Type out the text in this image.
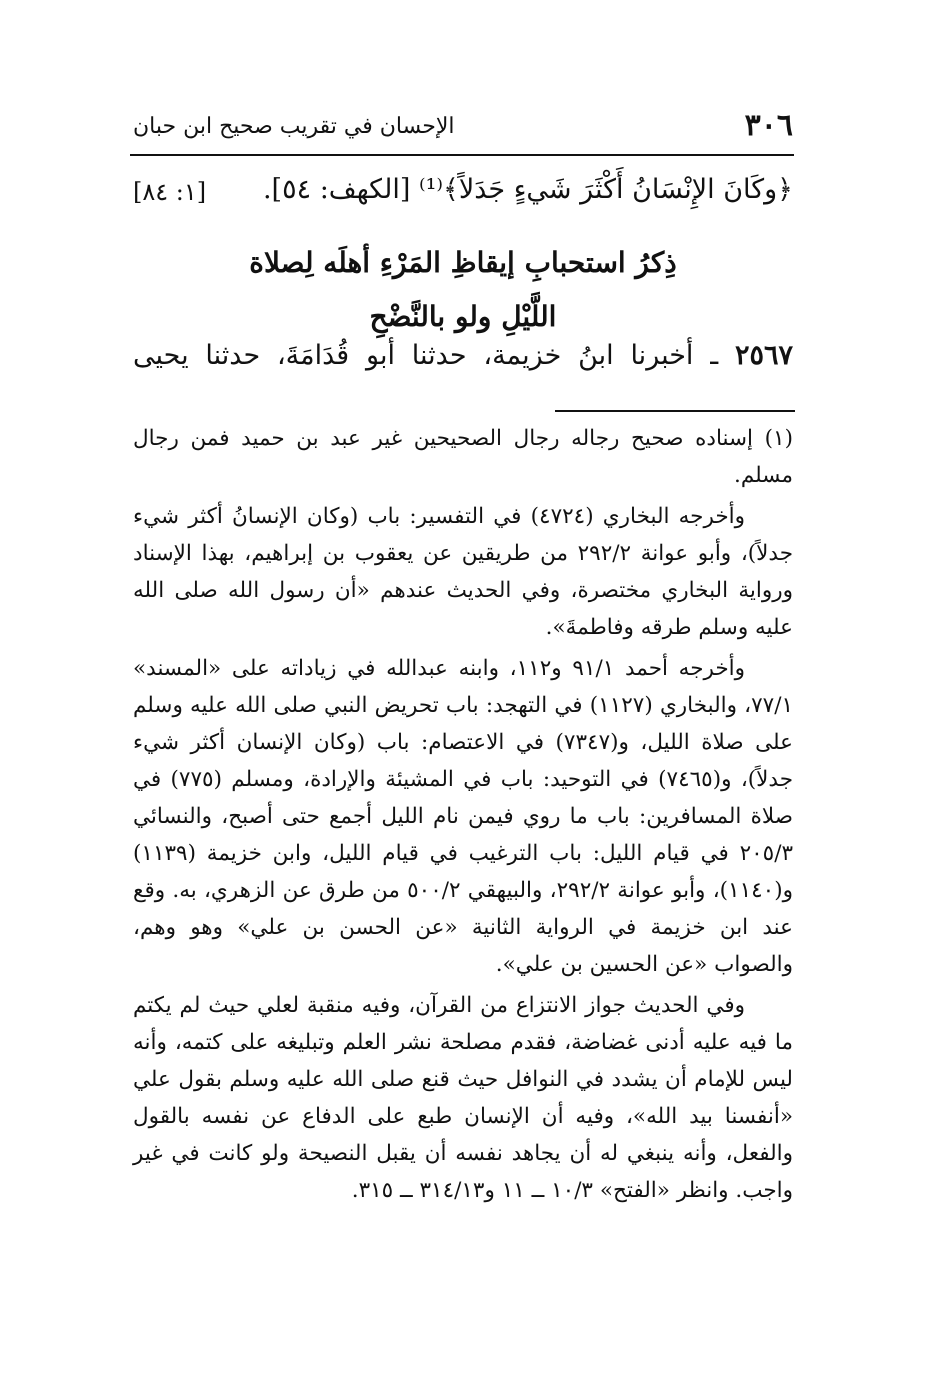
٣٠٦
الإحسان في تقريب صحيح ابن حبان
﴿وكَانَ الإِنْسَانُ أَكْثَرَ شَيءٍ جَدَلاً﴾⁽¹⁾ [الكهف: ٥٤].
[١: ٨٤]
ذِكرُ استحبابِ إيقاظِ المَرْءِ أهلَه لِصلاة
اللَّيْلِ ولو بالنَّضْحِ
٢٥٦٧ ـ أخبرنا ابنُ خزيمة، حدثنا أبو قُدَامَةَ، حدثنا يحيى

(١) إسناده صحيح رجاله رجال الصحيحين غير عبد بن حميد فمن رجال مسلم.

وأخرجه البخاري (٤٧٢٤) في التفسير: باب (وكان الإنسانُ أكثر شيء جدلاً)، وأبو عوانة ٢٩٢/٢ من طريقين عن يعقوب بن إبراهيم، بهذا الإسناد ورواية البخاري مختصرة، وفي الحديث عندهم «أن رسول الله صلى الله عليه وسلم طرقه وفاطمةَ».

وأخرجه أحمد ٩١/١ و١١٢، وابنه عبدالله في زياداته على «المسند» ٧٧/١، والبخاري (١١٢٧) في التهجد: باب تحريض النبي صلى الله عليه وسلم على صلاة الليل، و(٧٣٤٧) في الاعتصام: باب (وكان الإنسان أكثر شيء جدلاً)، و(٧٤٦٥) في التوحيد: باب في المشيئة والإرادة، ومسلم (٧٧٥) في صلاة المسافرين: باب ما روي فيمن نام الليل أجمع حتى أصبح، والنسائي ٢٠٥/٣ في قيام الليل: باب الترغيب في قيام الليل، وابن خزيمة (١١٣٩) و(١١٤٠)، وأبو عوانة ٢٩٢/٢، والبيهقي ٥٠٠/٢ من طرق عن الزهري، به. وقع عند ابن خزيمة في الرواية الثانية «عن الحسن بن علي» وهو وهم، والصواب «عن الحسين بن علي».

وفي الحديث جواز الانتزاع من القرآن، وفيه منقبة لعلي حيث لم يكتم ما فيه عليه أدنى غضاضة، فقدم مصلحة نشر العلم وتبليغه على كتمه، وأنه ليس للإمام أن يشدد في النوافل حيث قنع صلى الله عليه وسلم بقول علي «أنفسنا بيد الله»، وفيه أن الإنسان طبع على الدفاع عن نفسه بالقول والفعل، وأنه ينبغي له أن يجاهد نفسه أن يقبل النصيحة ولو كانت في غير واجب. وانظر «الفتح» ١٠/٣ ــ ١١ و٣١٤/١٣ ــ ٣١٥.
